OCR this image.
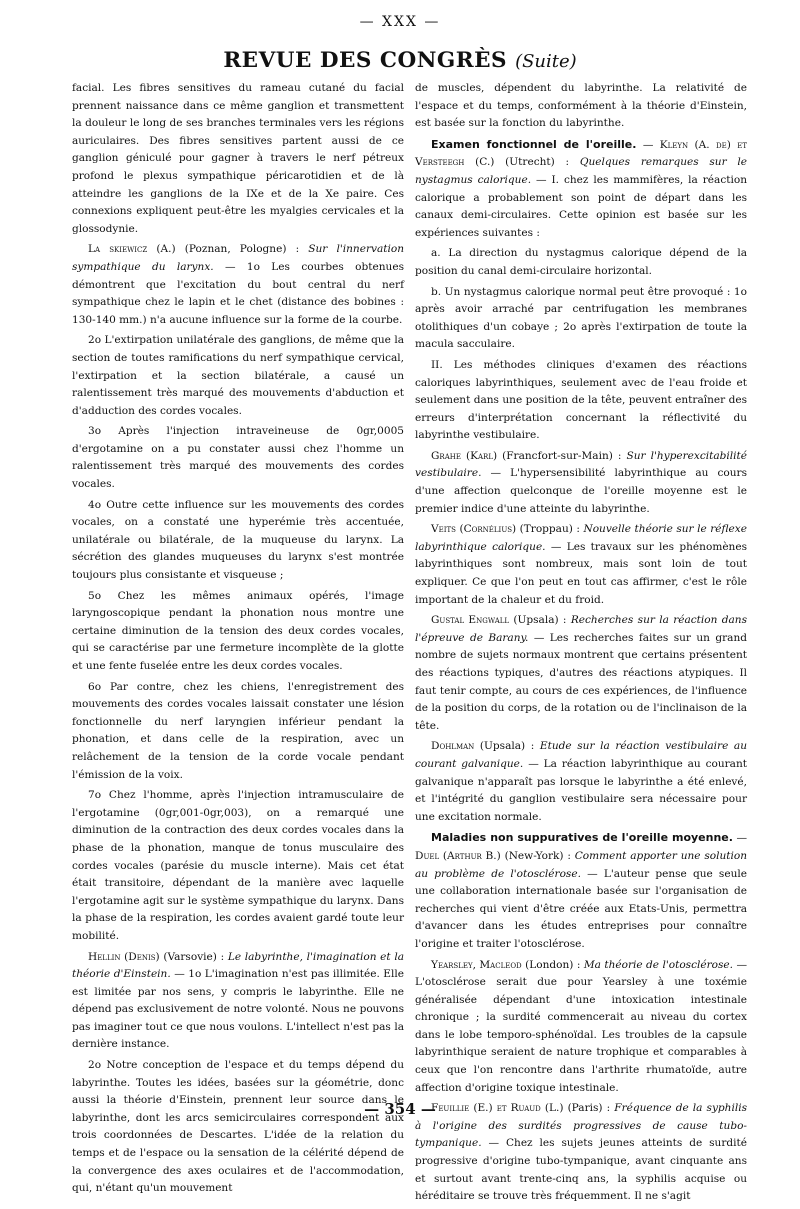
— XXX —
REVUE DES CONGRÈS (Suite)

facial. Les fibres sensitives du rameau cutané du facial prennent naissance dans ce même ganglion et transmettent la douleur le long de ses branches terminales vers les régions auriculaires. Des fibres sensitives partent aussi de ce ganglion géniculé pour gagner à travers le nerf pétreux profond le plexus sympathique péricarotidien et de là atteindre les ganglions de la IXe et de la Xe paire. Ces connexions expliquent peut-être les myalgies cervicales et la glossodynie.

La skiewicz (A.) (Poznan, Pologne) : Sur l'innervation sympathique du larynx. — 1o Les courbes obtenues démontrent que l'excitation du bout central du nerf sympathique chez le lapin et le chet (distance des bobines : 130-140 mm.) n'a aucune influence sur la forme de la courbe.

2o L'extirpation unilatérale des ganglions, de même que la section de toutes ramifications du nerf sympathique cervical, l'extirpation et la section bilatérale, a causé un ralentissement très marqué des mouvements d'abduction et d'adduction des cordes vocales.

3o Après l'injection intraveineuse de 0gr,0005 d'ergotamine on a pu constater aussi chez l'homme un ralentissement très marqué des mouvements des cordes vocales.

4o Outre cette influence sur les mouvements des cordes vocales, on a constaté une hyperémie très accentuée, unilatérale ou bilatérale, de la muqueuse du larynx. La sécrétion des glandes muqueuses du larynx s'est montrée toujours plus consistante et visqueuse ;

5o Chez les mêmes animaux opérés, l'image laryngoscopique pendant la phonation nous montre une certaine diminution de la tension des deux cordes vocales, qui se caractérise par une fermeture incomplète de la glotte et une fente fuselée entre les deux cordes vocales.

6o Par contre, chez les chiens, l'enregistrement des mouvements des cordes vocales laissait constater une lésion fonctionnelle du nerf laryngien inférieur pendant la phonation, et dans celle de la respiration, avec un relâchement de la tension de la corde vocale pendant l'émission de la voix.

7o Chez l'homme, après l'injection intramusculaire de l'ergotamine (0gr,001-0gr,003), on a remarqué une diminution de la contraction des deux cordes vocales dans la phase de la phonation, manque de tonus musculaire des cordes vocales (parésie du muscle interne). Mais cet état était transitoire, dépendant de la manière avec laquelle l'ergotamine agit sur le système sympathique du larynx. Dans la phase de la respiration, les cordes avaient gardé toute leur mobilité.

Hellin (Denis) (Varsovie) : Le labyrinthe, l'imagination et la théorie d'Einstein. — 1o L'imagination n'est pas illimitée. Elle est limitée par nos sens, y compris le labyrinthe. Elle ne dépend pas exclusivement de notre volonté. Nous ne pouvons pas imaginer tout ce que nous voulons. L'intellect n'est pas la dernière instance.

2o Notre conception de l'espace et du temps dépend du labyrinthe. Toutes les idées, basées sur la géométrie, donc aussi la théorie d'Einstein, prennent leur source dans le labyrinthe, dont les arcs semicirculaires correspondent aux trois coordonnées de Descartes. L'idée de la relation du temps et de l'espace ou la sensation de la célérité dépend de la convergence des axes oculaires et de l'accommodation, qui, n'étant qu'un mouvement

de muscles, dépendent du labyrinthe. La relativité de l'espace et du temps, conformément à la théorie d'Einstein, est basée sur la fonction du labyrinthe.

Examen fonctionnel de l'oreille. — Kleyn (A. de) et Versteegh (C.) (Utrecht) : Quelques remarques sur le nystagmus calorique. — I. chez les mammifères, la réaction calorique a probablement son point de départ dans les canaux demi-circulaires. Cette opinion est basée sur les expériences suivantes :

a. La direction du nystagmus calorique dépend de la position du canal demi-circulaire horizontal.

b. Un nystagmus calorique normal peut être provoqué : 1o après avoir arraché par centrifugation les membranes otolithiques d'un cobaye ; 2o après l'extirpation de toute la macula sacculaire.

II. Les méthodes cliniques d'examen des réactions caloriques labyrinthiques, seulement avec de l'eau froide et seulement dans une position de la tête, peuvent entraîner des erreurs d'interprétation concernant la réflectivité du labyrinthe vestibulaire.

Grahe (Karl) (Francfort-sur-Main) : Sur l'hyperexcitabilité vestibulaire. — L'hypersensibilité labyrinthique au cours d'une affection quelconque de l'oreille moyenne est le premier indice d'une atteinte du labyrinthe.

Veits (Cornélius) (Troppau) : Nouvelle théorie sur le réflexe labyrinthique calorique. — Les travaux sur les phénomènes labyrinthiques sont nombreux, mais sont loin de tout expliquer. Ce que l'on peut en tout cas affirmer, c'est le rôle important de la chaleur et du froid.

Gustal Engwall (Upsala) : Recherches sur la réaction dans l'épreuve de Barany. — Les recherches faites sur un grand nombre de sujets normaux montrent que certains présentent des réactions typiques, d'autres des réactions atypiques. Il faut tenir compte, au cours de ces expériences, de l'influence de la position du corps, de la rotation ou de l'inclinaison de la tête.

Dohlman (Upsala) : Etude sur la réaction vestibulaire au courant galvanique. — La réaction labyrinthique au courant galvanique n'apparaît pas lorsque le labyrinthe a été enlevé, et l'intégrité du ganglion vestibulaire sera nécessaire pour une excitation normale.

Maladies non suppuratives de l'oreille moyenne. — Duel (Arthur B.) (New-York) : Comment apporter une solution au problème de l'otosclérose. — L'auteur pense que seule une collaboration internationale basée sur l'organisation de recherches qui vient d'être créée aux Etats-Unis, permettra d'avancer dans les études entreprises pour connaître l'origine et traiter l'otosclérose.

Yearsley, Macleod (London) : Ma théorie de l'otosclérose. — L'otosclérose serait due pour Yearsley à une toxémie généralisée dépendant d'une intoxication intestinale chronique ; la surdité commencerait au niveau du cortex dans le lobe temporo-sphénoïdal. Les troubles de la capsule labyrinthique seraient de nature trophique et comparables à ceux que l'on rencontre dans l'arthrite rhumatoïde, autre affection d'origine toxique intestinale.

Feuillie (E.) et Ruaud (L.) (Paris) : Fréquence de la syphilis à l'origine des surdités progressives de cause tubo-tympanique. — Chez les sujets jeunes atteints de surdité progressive d'origine tubo-tympanique, avant cinquante ans et surtout avant trente-cinq ans, la syphilis acquise ou héréditaire se trouve très fréquemment. Il ne s'agit

— 354 —
